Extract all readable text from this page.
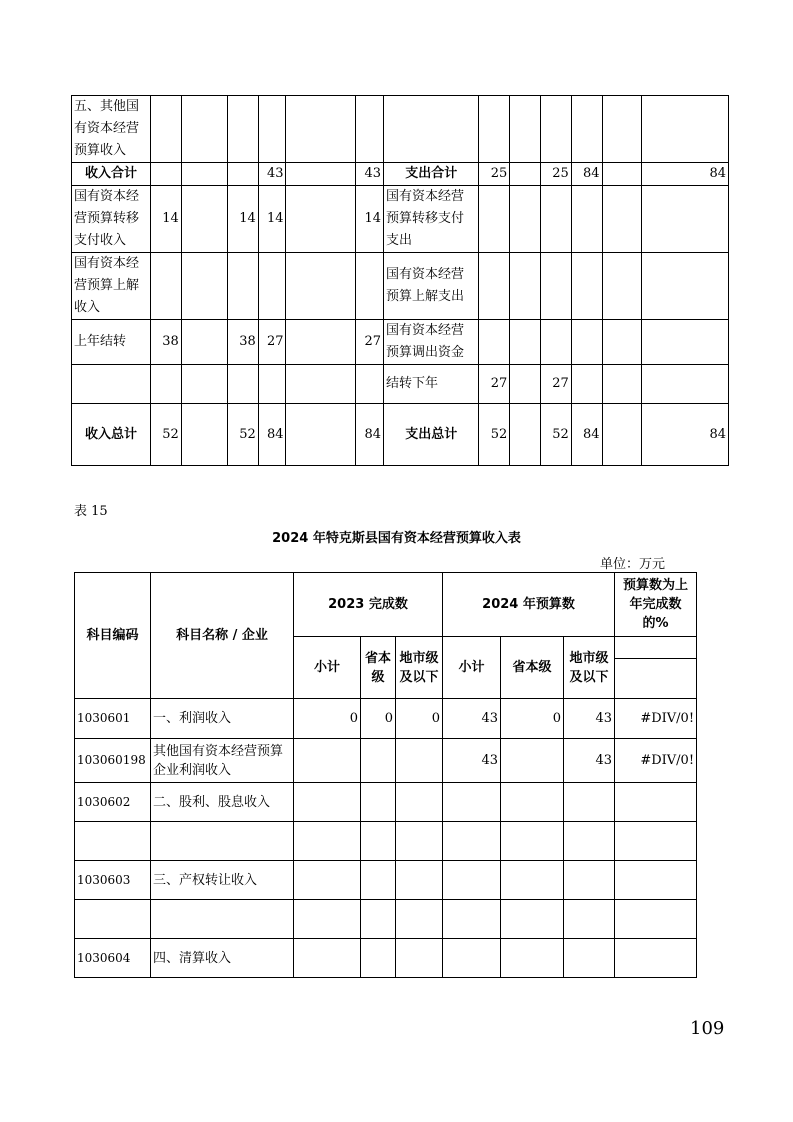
五、其他国有资本经营预算收入													
收入合计				43		43	支出合计	25		25	84		84
国有资本经营预算转移支付收入	14		14	14		14	国有资本经营预算转移支付支出						
国有资本经营预算上解收入							国有资本经营预算上解支出						
上年结转	38		38	27		27	国有资本经营预算调出资金						
							结转下年	27		27			
收入总计	52		52	84		84	支出总计	52		52	84		84
表 15
2024 年特克斯县国有资本经营预算收入表
单位：万元
科目编码	科目名称 / 企业	2023 完成数			2024 年预算数			预算数为上年完成数的%
		小计	省本级	地市级及以下	小计	省本级	地市级及以下	

1030601	一、利润收入	0	0	0	43	0	43	#DIV/0!
103060198	其他国有资本经营预算企业利润收入				43		43	#DIV/0!
1030602	二、股利、股息收入							

1030603	三、产权转让收入							

1030604	四、清算收入							
109
